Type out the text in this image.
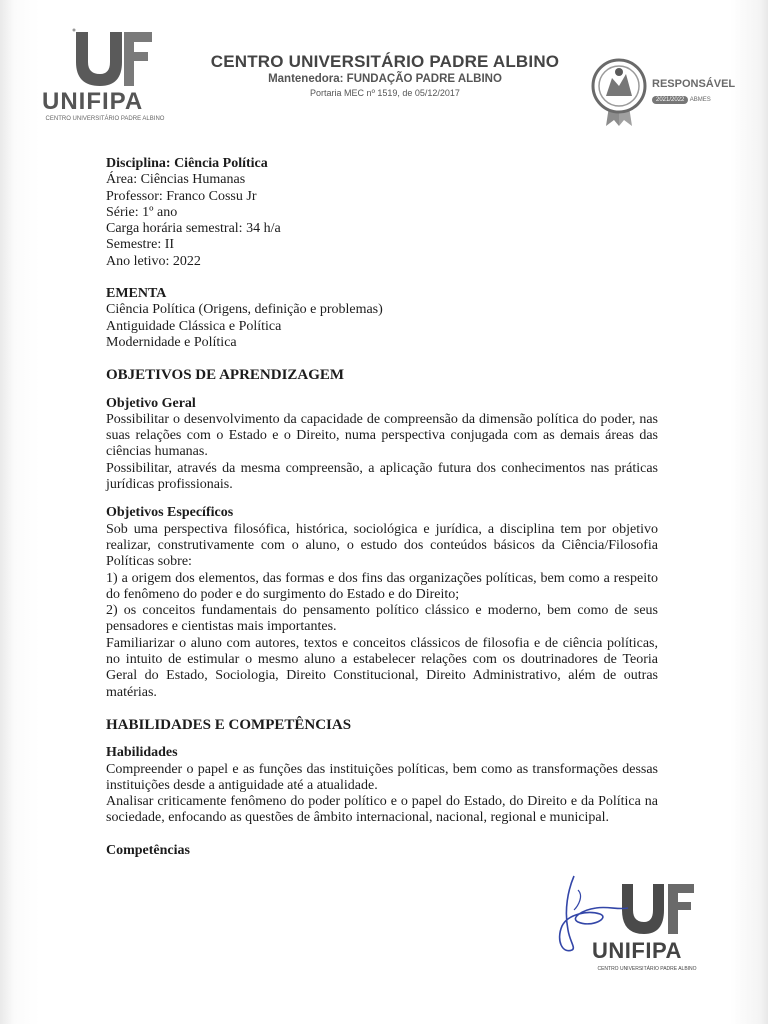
UNIFIPA
CENTRO UNIVERSITÁRIO PADRE ALBINO
CENTRO UNIVERSITÁRIO PADRE ALBINO
Mantenedora: FUNDAÇÃO PADRE ALBINO
Portaria MEC nº 1519, de 05/12/2017

RESPONSÁVEL
2021/2022 ABMES

Disciplina: Ciência Política

Área: Ciências Humanas

Professor: Franco Cossu Jr

Série: 1º ano

Carga horária semestral: 34 h/a

Semestre: II

Ano letivo: 2022

EMENTA

Ciência Política (Origens, definição e problemas)

Antiguidade Clássica e Política

Modernidade e Política

OBJETIVOS DE APRENDIZAGEM

Objetivo Geral

Possibilitar o desenvolvimento da capacidade de compreensão da dimensão política do poder, nas suas relações com o Estado e o Direito, numa perspectiva conjugada com as demais áreas das ciências humanas.

Possibilitar, através da mesma compreensão, a aplicação futura dos conhecimentos nas práticas jurídicas profissionais.

Objetivos Específicos

Sob uma perspectiva filosófica, histórica, sociológica e jurídica, a disciplina tem por objetivo realizar, construtivamente com o aluno, o estudo dos conteúdos básicos da Ciência/Filosofia Políticas sobre:

1) a origem dos elementos, das formas e dos fins das organizações políticas, bem como a respeito do fenômeno do poder e do surgimento do Estado e do Direito;

2) os conceitos fundamentais do pensamento político clássico e moderno, bem como de seus pensadores e cientistas mais importantes.

Familiarizar o aluno com autores, textos e conceitos clássicos de filosofia e de ciência políticas, no intuito de estimular o mesmo aluno a estabelecer relações com os doutrinadores de Teoria Geral do Estado, Sociologia, Direito Constitucional, Direito Administrativo, além de outras matérias.

HABILIDADES E COMPETÊNCIAS

Habilidades

Compreender o papel e as funções das instituições políticas, bem como as transformações dessas instituições desde a antiguidade até a atualidade.

Analisar criticamente fenômeno do poder político e o papel do Estado, do Direito e da Política na sociedade, enfocando as questões de âmbito internacional, nacional, regional e municipal.

Competências

UNIFIPA
CENTRO UNIVERSITÁRIO PADRE ALBINO
